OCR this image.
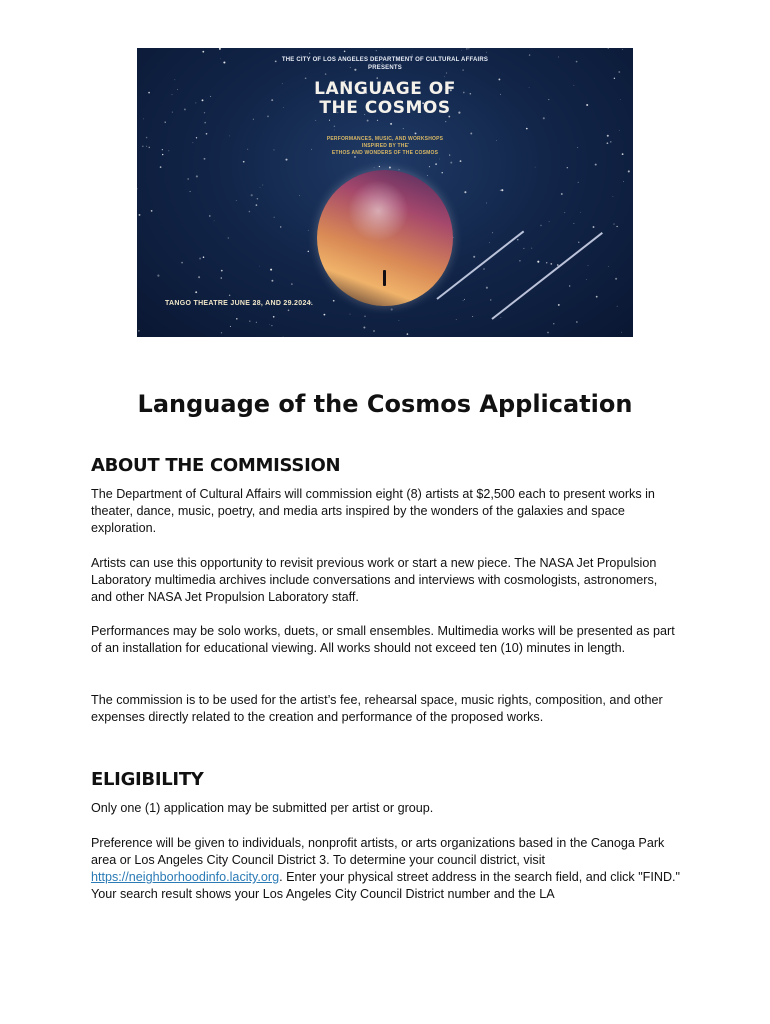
THE CITY OF LOS ANGELES DEPARTMENT OF CULTURAL AFFAIRS
PRESENTS
LANGUAGE OF
THE COSMOS
PERFORMANCES, MUSIC, AND WORKSHOPS
INSPIRED BY THE
ETHOS AND WONDERS OF THE COSMOS
TANGO THEATRE JUNE 28, AND 29.2024.
Language of the Cosmos Application
ABOUT THE COMMISSION

The Department of Cultural Affairs will commission eight (8) artists at $2,500 each to present works in theater, dance, music, poetry, and media arts inspired by the wonders of the galaxies and space exploration.

Artists can use this opportunity to revisit previous work or start a new piece. The NASA Jet Propulsion Laboratory multimedia archives include conversations and interviews with cosmologists, astronomers, and other NASA Jet Propulsion Laboratory staff.

Performances may be solo works, duets, or small ensembles. Multimedia works will be presented as part of an installation for educational viewing. All works should not exceed ten (10) minutes in length.

The commission is to be used for the artist’s fee, rehearsal space, music rights, composition, and other expenses directly related to the creation and performance of the proposed works.

ELIGIBILITY

Only one (1) application may be submitted per artist or group.

Preference will be given to individuals, nonprofit artists, or arts organizations based in the Canoga Park area or Los Angeles City Council District 3. To determine your council district, visit https://neighborhoodinfo.lacity.org. Enter your physical street address in the search field, and click "FIND." Your search result shows your Los Angeles City Council District number and the LA
